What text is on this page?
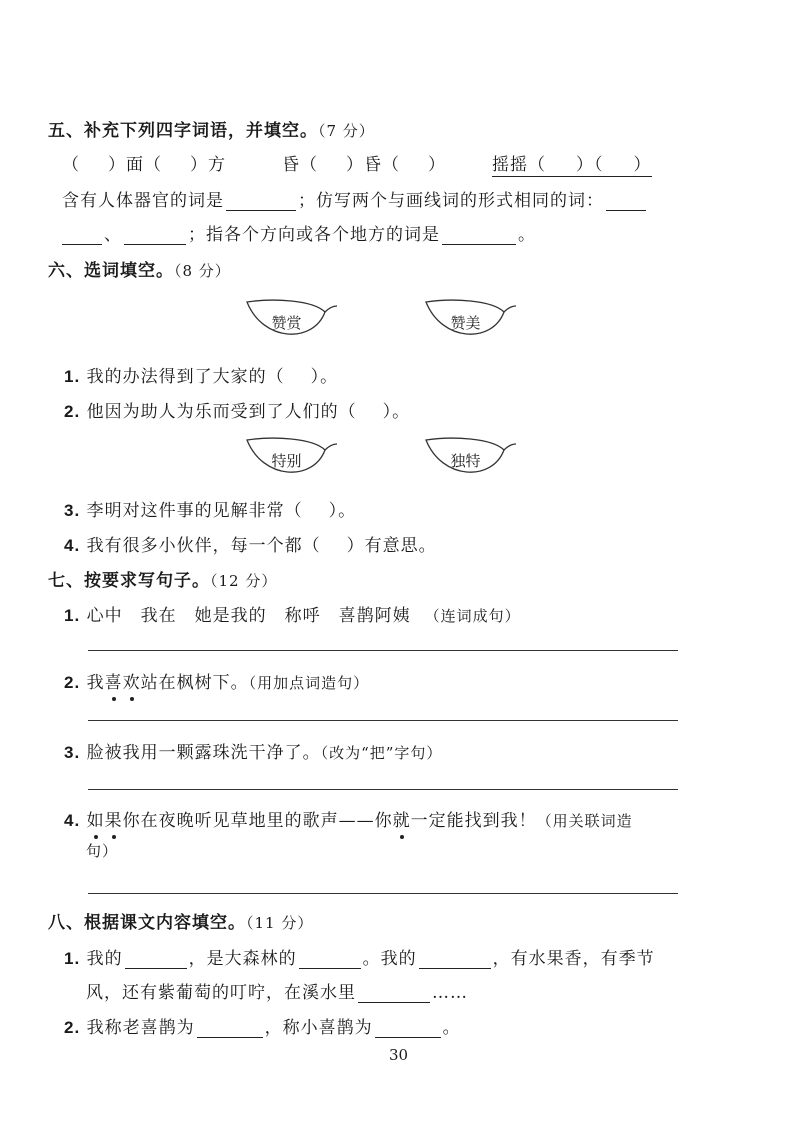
五、补充下列四字词语，并填空。（7 分）
（ ）面（ ）方	昏（ ）昏（ ）	摇摇（ ）（ ）
含有人体器官的词是	；仿写两个与画线词的形式相同的词：
、	；指各个方向或各个地方的词是	。
六、选词填空。（8 分）
赞赏	赞美
1. 我的办法得到了大家的（ ）。
2. 他因为助人为乐而受到了人们的（ ）。
特别	独特
3. 李明对这件事的见解非常（ ）。
4. 我有很多小伙伴，每一个都（ ）有意思。
七、按要求写句子。（12 分）
1. 心中　我在　她是我的　称呼　喜鹊阿姨 （连词成句）
2. 我喜欢站在枫树下。（用加点词造句）
3. 脸被我用一颗露珠洗干净了。（改为“把”字句）
4. 如果你在夜晚听见草地里的歌声——你就一定能找到我！（用关联词造
句）
八、根据课文内容填空。（11 分）
1. 我的	，是大森林的	。我的	，有水果香，有季节
风，还有紫葡萄的叮咛，在溪水里	……
2. 我称老喜鹊为	，称小喜鹊为	。
30
